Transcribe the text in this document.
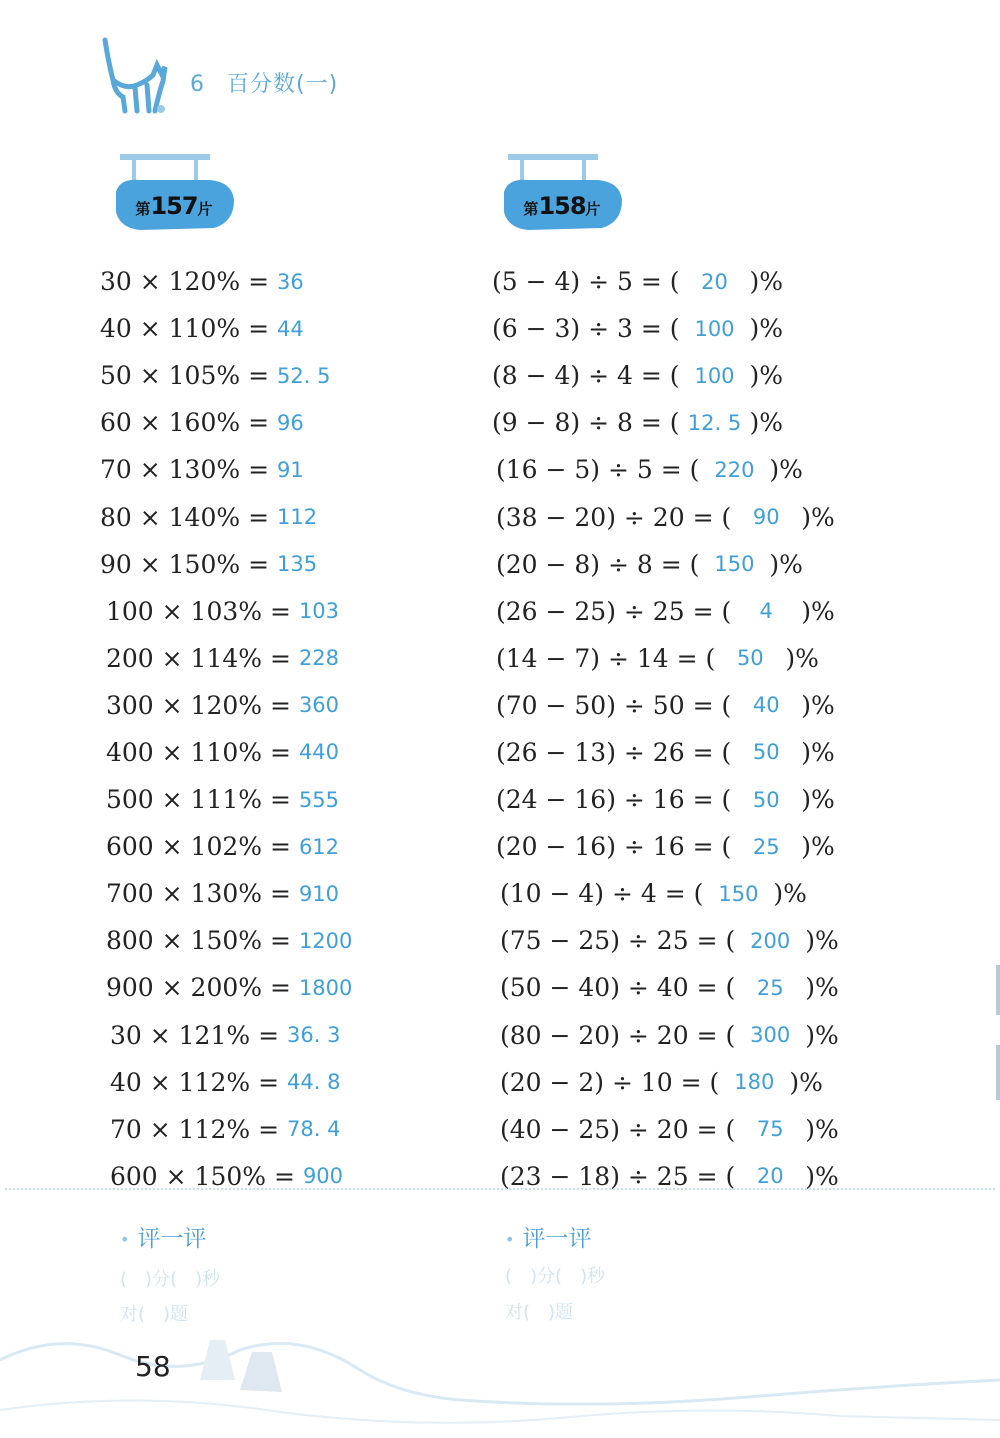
6 百分数(一)
第157片	第158片
30 × 120% = 36
40 × 110% = 44
50 × 105% = 52. 5
60 × 160% = 96
70 × 130% = 91
80 × 140% = 112
90 × 150% = 135
100 × 103% = 103
200 × 114% = 228
300 × 120% = 360
400 × 110% = 440
500 × 111% = 555
600 × 102% = 612
700 × 130% = 910
800 × 150% = 1200
900 × 200% = 1800
30 × 121% = 36. 3
40 × 112% = 44. 8
70 × 112% = 78. 4
600 × 150% = 900
(5 − 4) ÷ 5 = (	20 )%
(6 − 3) ÷ 3 = ( 100 )%
(8 − 4) ÷ 4 = ( 100 )%
(9 − 8) ÷ 8 = ( 12. 5 )%
(16 − 5) ÷ 5 = ( 220 )%
(38 − 20) ÷ 20 = (	90 )%
(20 − 8) ÷ 8 = ( 150 )%
(26 − 25) ÷ 25 = (	4	)%
(14 − 7) ÷ 14 = (	50 )%
(70 − 50) ÷ 50 = (	40 )%
(26 − 13) ÷ 26 = (	50 )%
(24 − 16) ÷ 16 = (	50 )%
(20 − 16) ÷ 16 = (	25 )%
(10 − 4) ÷ 4 = ( 150 )%
(75 − 25) ÷ 25 = ( 200 )%
(50 − 40) ÷ 40 = (	25 )%
(80 − 20) ÷ 20 = ( 300 )%
(20 − 2) ÷ 10 = ( 180 )%
(40 − 25) ÷ 20 = (	75 )%
(23 − 18) ÷ 25 = (	20 )%
• 评一评
(　)分(　)秒
对(　)题
• 评一评
(　)分(　)秒
对(　)题
58
